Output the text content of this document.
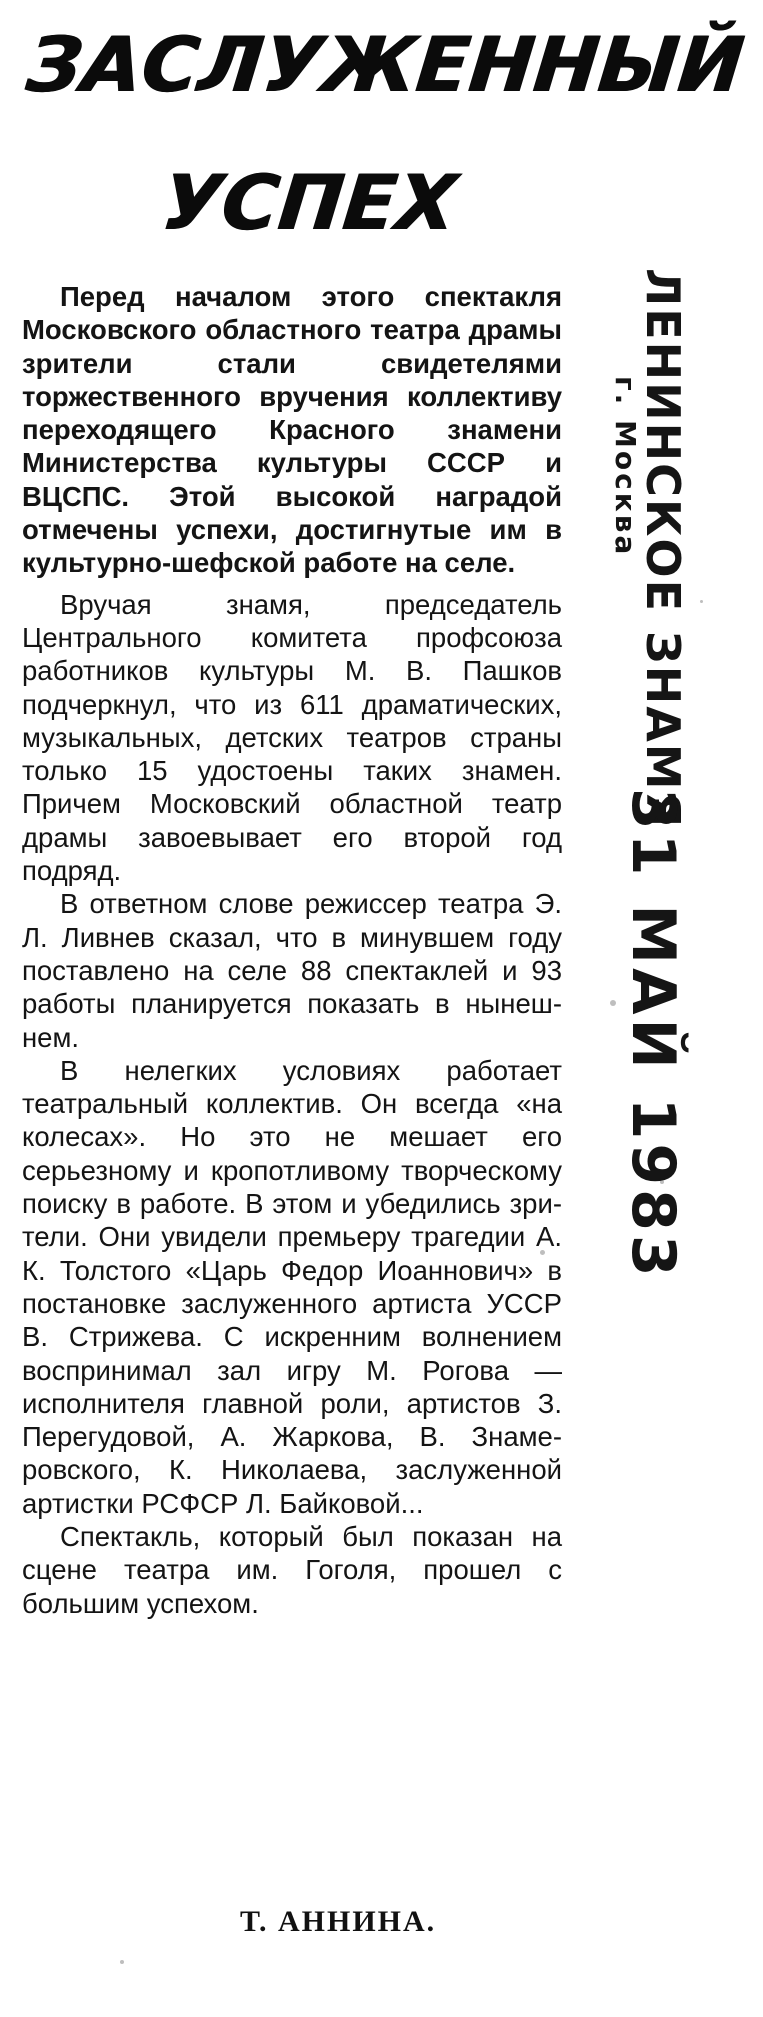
ЗАСЛУЖЕННЫЙ
УСПЕХ

Перед началом этого спектакля Московского областного театра драмы зрители стали свидетелями торжественного вручения коллективу переходящего Красного знамени Министерства культуры СССР и ВЦСПС. Этой высокой наградой отмечены успехи, достигнутые им в культурно-шефской работе на селе.

Вручая знамя, председатель Центрального комитета профсоюза работников культуры М. В. Пашков подчеркнул, что из 611 драматических, музыкальных, детских театров страны только 15 удостоены таких знамен. Причем Московский областной театр драмы завоевывает его второй год подряд.

В ответном слове режиссер театра Э. Л. Ливнев сказал, что в минувшем году поставлено на селе 88 спектаклей и 93 работы планируется показать в нынешнем.

В нелегких условиях работает театральный коллектив. Он всегда «на колесах». Но это не мешает его серьезному и кропотливому творческому поиску в работе. В этом и убедились зрители. Они увидели премьеру трагедии А. К. Толстого «Царь Федор Иоаннович» в постановке заслуженного артиста УССР В. Стрижева. С искренним волнением воспринимал зал игру М. Рогова — исполнителя главной роли, артистов З. Перегудовой, А. Жаркова, В. Знамеровского, К. Николаева, заслуженной артистки РСФСР Л. Байковой...

Спектакль, который был показан на сцене театра им. Гоголя, прошел с большим успехом.

Т. АННИНА.
ЛЕНИНСКОЕ ЗНАМЯ
г. Москва
31 МАЙ 1983
